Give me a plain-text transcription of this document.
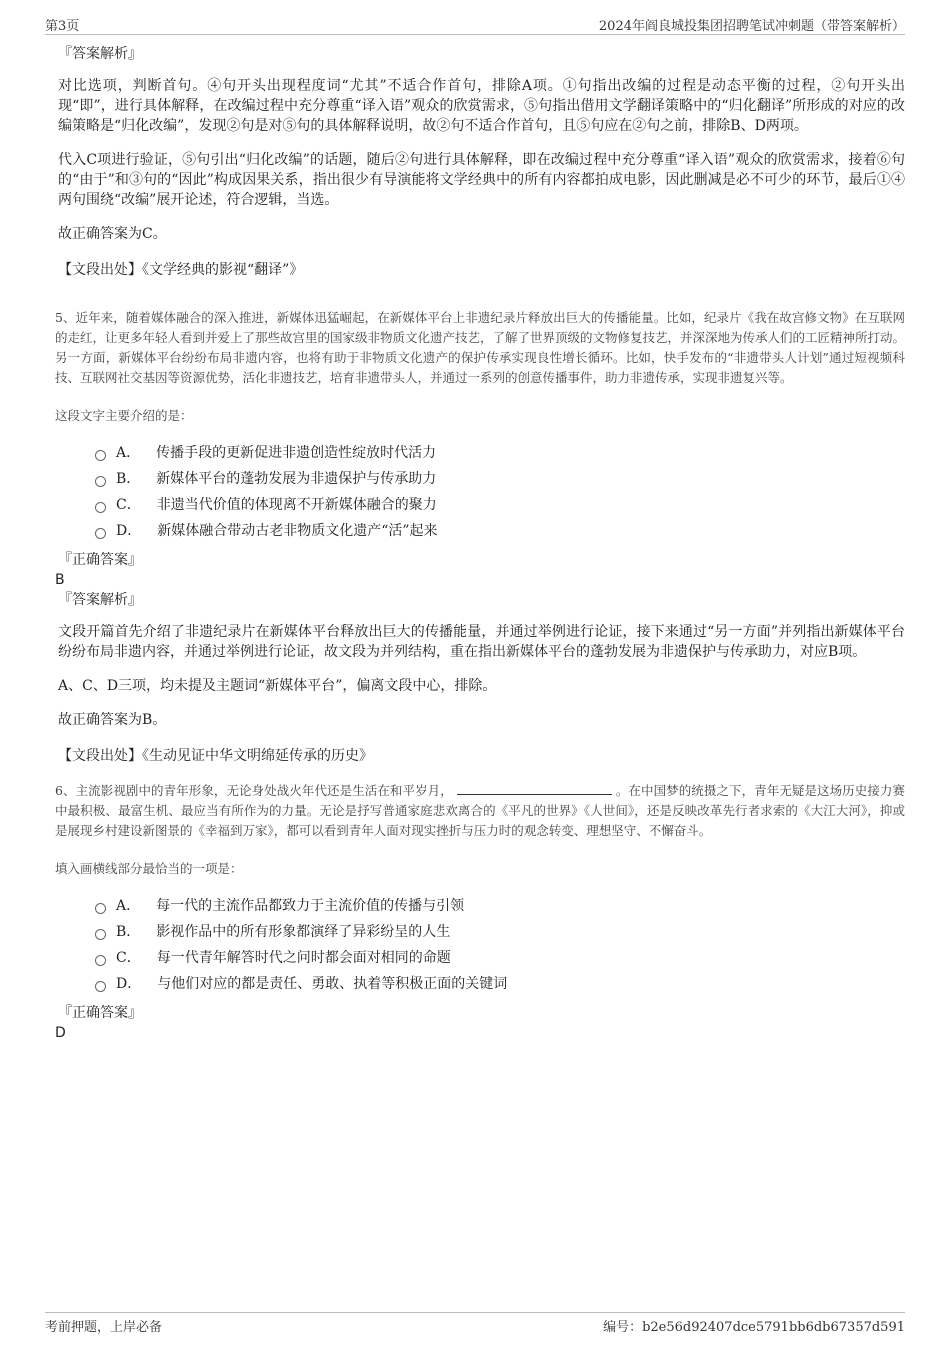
第3页	2024年阎良城投集团招聘笔试冲刺题（带答案解析）

『答案解析』

对比选项，判断首句。④句开头出现程度词“尤其”不适合作首句，排除A项。①句指出改编的过程是动态平衡的过程，②句开头出现“即”，进行具体解释，在改编过程中充分尊重“译入语”观众的欣赏需求，⑤句指出借用文学翻译策略中的“归化翻译”所形成的对应的改编策略是“归化改编”，发现②句是对⑤句的具体解释说明，故②句不适合作首句，且⑤句应在②句之前，排除B、D两项。

代入C项进行验证，⑤句引出“归化改编”的话题，随后②句进行具体解释，即在改编过程中充分尊重“译入语”观众的欣赏需求，接着⑥句的“由于”和③句的“因此”构成因果关系，指出很少有导演能将文学经典中的所有内容都拍成电影，因此删减是必不可少的环节，最后①④两句围绕“改编”展开论述，符合逻辑，当选。

故正确答案为C。

【文段出处】《文学经典的影视“翻译”》

5、近年来，随着媒体融合的深入推进，新媒体迅猛崛起，在新媒体平台上非遗纪录片释放出巨大的传播能量。比如，纪录片《我在故宫修文物》在互联网的走红，让更多年轻人看到并爱上了那些故宫里的国家级非物质文化遗产技艺，了解了世界顶级的文物修复技艺，并深深地为传承人们的工匠精神所打动。另一方面，新媒体平台纷纷布局非遗内容，也将有助于非物质文化遗产的保护传承实现良性增长循环。比如，快手发布的“非遗带头人计划”通过短视频科技、互联网社交基因等资源优势，活化非遗技艺，培育非遗带头人，并通过一系列的创意传播事件，助力非遗传承，实现非遗复兴等。

这段文字主要介绍的是：

A． 传播手段的更新促进非遗创造性绽放时代活力
B． 新媒体平台的蓬勃发展为非遗保护与传承助力
C． 非遗当代价值的体现离不开新媒体融合的聚力
D． 新媒体融合带动古老非物质文化遗产“活”起来

『正确答案』

B

『答案解析』

文段开篇首先介绍了非遗纪录片在新媒体平台释放出巨大的传播能量，并通过举例进行论证，接下来通过“另一方面”并列指出新媒体平台纷纷布局非遗内容，并通过举例进行论证，故文段为并列结构，重在指出新媒体平台的蓬勃发展为非遗保护与传承助力，对应B项。

A、C、D三项，均未提及主题词“新媒体平台”，偏离文段中心，排除。

故正确答案为B。

【文段出处】《生动见证中华文明绵延传承的历史》

6、主流影视剧中的青年形象，无论身处战火年代还是生活在和平岁月，	。在中国梦的统摄之下，青年无疑是这场历史接力赛中最积极、最富生机、最应当有所作为的力量。无论是抒写普通家庭悲欢离合的《平凡的世界》《人世间》，还是反映改革先行者求索的《大江大河》，抑或是展现乡村建设新图景的《幸福到万家》，都可以看到青年人面对现实挫折与压力时的观念转变、理想坚守、不懈奋斗。

填入画横线部分最恰当的一项是：

A． 每一代的主流作品都致力于主流价值的传播与引领
B． 影视作品中的所有形象都演绎了异彩纷呈的人生
C． 每一代青年解答时代之问时都会面对相同的命题
D． 与他们对应的都是责任、勇敢、执着等积极正面的关键词

『正确答案』

D

考前押题，上岸必备	编号：b2e56d92407dce5791bb6db67357d591
